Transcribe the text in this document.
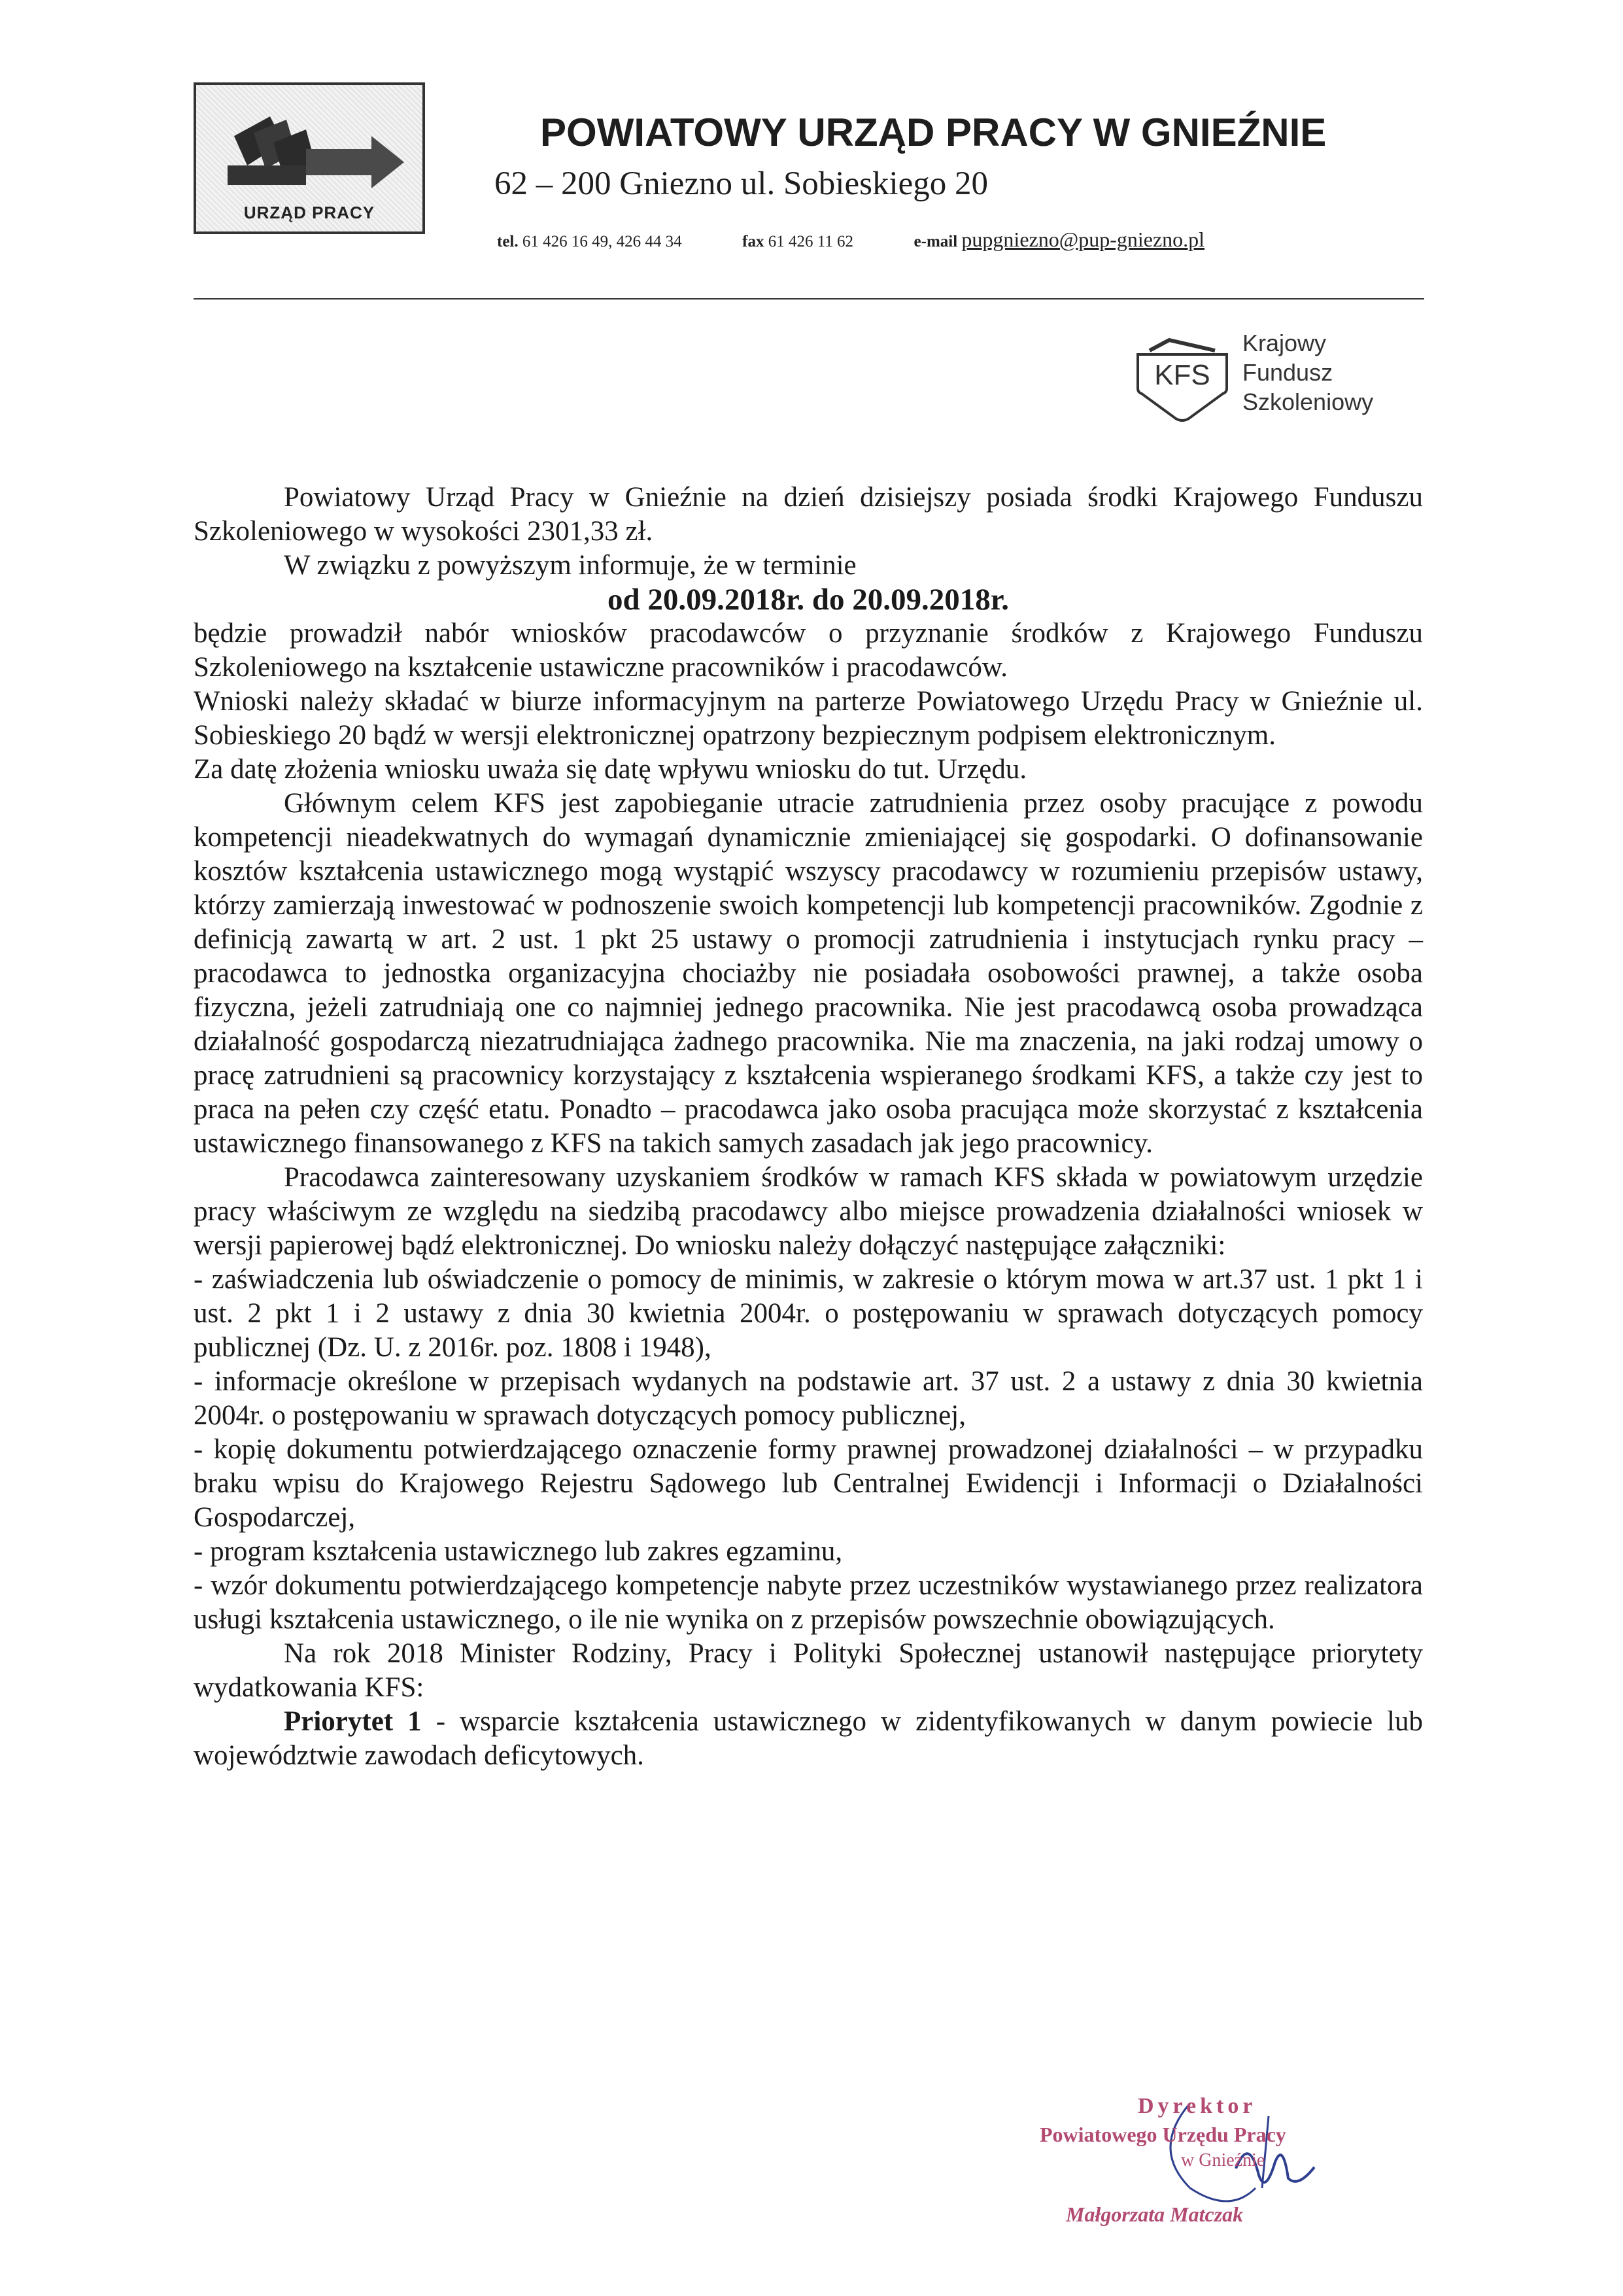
URZĄD PRACY
POWIATOWY URZĄD PRACY W GNIEŹNIE
62 – 200 Gniezno ul. Sobieskiego 20
tel. 61 426 16 49, 426 44 34	fax 61 426 11 62	e-mail pupgniezno@pup-gniezno.pl
KFS
Krajowy
Fundusz
Szkoleniowy

Powiatowy Urząd Pracy w Gnieźnie na dzień dzisiejszy posiada środki Krajowego Funduszu Szkoleniowego w wysokości 2301,33 zł.

W związku z powyższym informuje, że w terminie

od 20.09.2018r. do 20.09.2018r.

będzie prowadził nabór wniosków pracodawców o przyznanie środków z Krajowego Funduszu Szkoleniowego na kształcenie ustawiczne pracowników i pracodawców.

Wnioski należy składać w biurze informacyjnym na parterze Powiatowego Urzędu Pracy w Gnieźnie ul. Sobieskiego 20 bądź w wersji elektronicznej opatrzony bezpiecznym podpisem elektronicznym.

Za datę złożenia wniosku uważa się datę wpływu wniosku do tut. Urzędu.

Głównym celem KFS jest zapobieganie utracie zatrudnienia przez osoby pracujące z powodu kompetencji nieadekwatnych do wymagań dynamicznie zmieniającej się gospodarki. O dofinansowanie kosztów kształcenia ustawicznego mogą wystąpić wszyscy pracodawcy w rozumieniu przepisów ustawy, którzy zamierzają inwestować w podnoszenie swoich kompetencji lub kompetencji pracowników. Zgodnie z definicją zawartą w art. 2 ust. 1 pkt 25 ustawy o promocji zatrudnienia i instytucjach rynku pracy – pracodawca to jednostka organizacyjna chociażby nie posiadała osobowości prawnej, a także osoba fizyczna, jeżeli zatrudniają one co najmniej jednego pracownika. Nie jest pracodawcą osoba prowadząca działalność gospodarczą niezatrudniająca żadnego pracownika. Nie ma znaczenia, na jaki rodzaj umowy o pracę zatrudnieni są pracownicy korzystający z kształcenia wspieranego środkami KFS, a także czy jest to praca na pełen czy część etatu. Ponadto – pracodawca jako osoba pracująca może skorzystać z kształcenia ustawicznego finansowanego z KFS na takich samych zasadach jak jego pracownicy.

Pracodawca zainteresowany uzyskaniem środków w ramach KFS składa w powiatowym urzędzie pracy właściwym ze względu na siedzibą pracodawcy albo miejsce prowadzenia działalności wniosek w wersji papierowej bądź elektronicznej. Do wniosku należy dołączyć następujące załączniki:

- zaświadczenia lub oświadczenie o pomocy de minimis, w zakresie o którym mowa w art.37 ust. 1 pkt 1 i ust. 2 pkt 1 i 2 ustawy z dnia 30 kwietnia 2004r. o postępowaniu w sprawach dotyczących pomocy publicznej (Dz. U. z 2016r. poz. 1808 i 1948),

- informacje określone w przepisach wydanych na podstawie art. 37 ust. 2 a ustawy z dnia 30 kwietnia 2004r. o postępowaniu w sprawach dotyczących pomocy publicznej,

- kopię dokumentu potwierdzającego oznaczenie formy prawnej prowadzonej działalności – w przypadku braku wpisu do Krajowego Rejestru Sądowego lub Centralnej Ewidencji i Informacji o Działalności Gospodarczej,

- program kształcenia ustawicznego lub zakres egzaminu,

- wzór dokumentu potwierdzającego kompetencje nabyte przez uczestników wystawianego przez realizatora usługi kształcenia ustawicznego, o ile nie wynika on z przepisów powszechnie obowiązujących.

Na rok 2018 Minister Rodziny, Pracy i Polityki Społecznej ustanowił następujące priorytety wydatkowania KFS:

Priorytet 1 - wsparcie kształcenia ustawicznego w zidentyfikowanych w danym powiecie lub województwie zawodach deficytowych.

Dyrektor
Powiatowego Urzędu Pracy
w Gnieźnie
Małgorzata Matczak
